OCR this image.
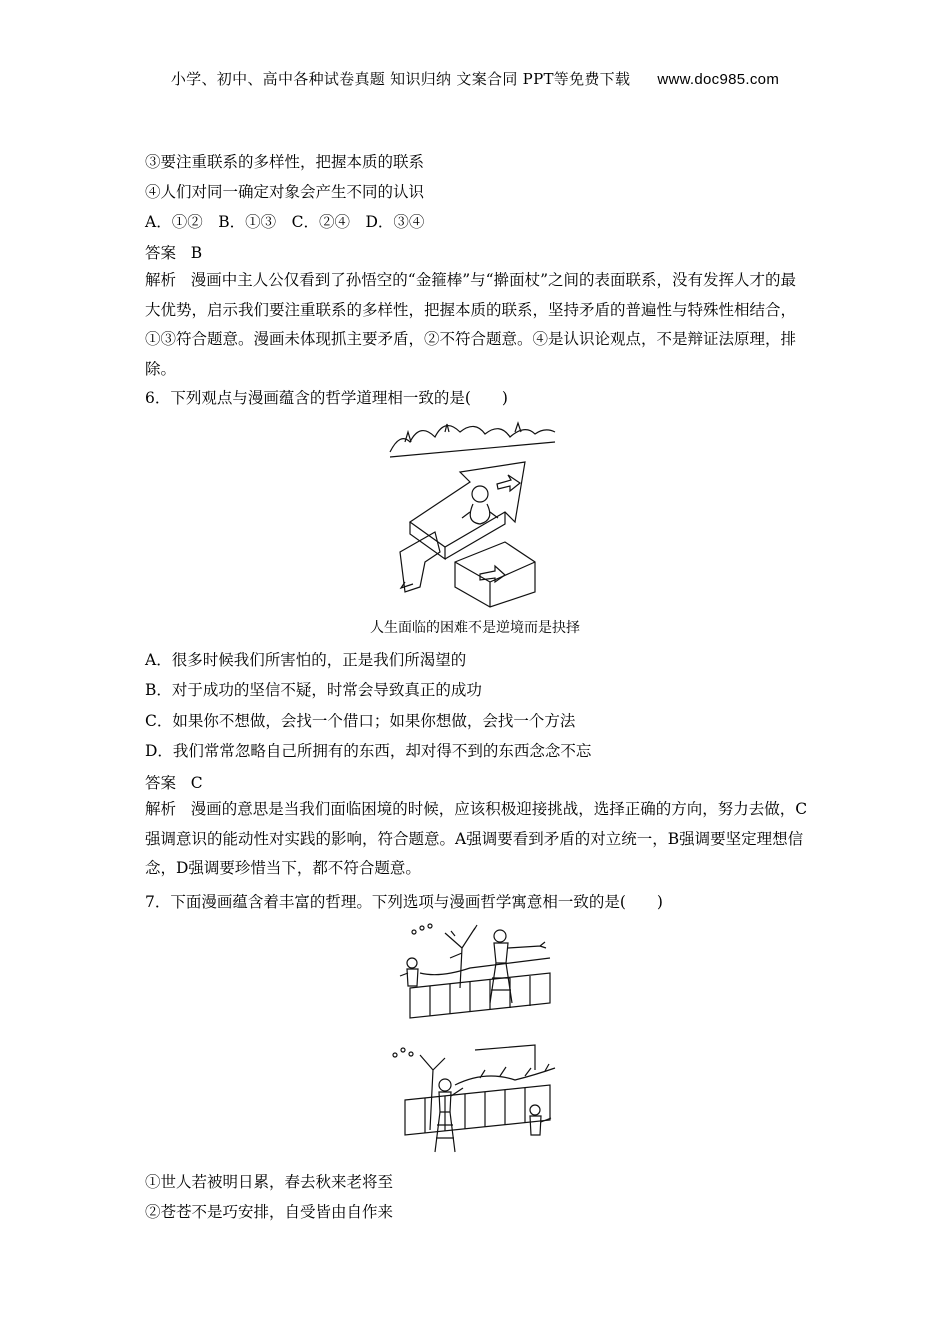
小学、初中、高中各种试卷真题 知识归纳 文案合同 PPT等免费下载 www.doc985.com
③要注重联系的多样性，把握本质的联系
④人们对同一确定对象会产生不同的认识
A．①②　B．①③　C．②④　D．③④
答案 B
解析 漫画中主人公仅看到了孙悟空的“金箍棒”与“擀面杖”之间的表面联系，没有发挥人才的最大优势，启示我们要注重联系的多样性，把握本质的联系，坚持矛盾的普遍性与特殊性相结合，①③符合题意。漫画未体现抓主要矛盾，②不符合题意。④是认识论观点，不是辩证法原理，排除。
6．下列观点与漫画蕴含的哲学道理相一致的是(　　)
人生面临的困难不是逆境而是抉择
A．很多时候我们所害怕的，正是我们所渴望的
B．对于成功的坚信不疑，时常会导致真正的成功
C．如果你不想做，会找一个借口；如果你想做，会找一个方法
D．我们常常忽略自己所拥有的东西，却对得不到的东西念念不忘
答案 C
解析 漫画的意思是当我们面临困境的时候，应该积极迎接挑战，选择正确的方向，努力去做，C强调意识的能动性对实践的影响，符合题意。A强调要看到矛盾的对立统一，B强调要坚定理想信念，D强调要珍惜当下，都不符合题意。
7．下面漫画蕴含着丰富的哲理。下列选项与漫画哲学寓意相一致的是(　　)
①世人若被明日累，春去秋来老将至
②苍苍不是巧安排，自受皆由自作来
